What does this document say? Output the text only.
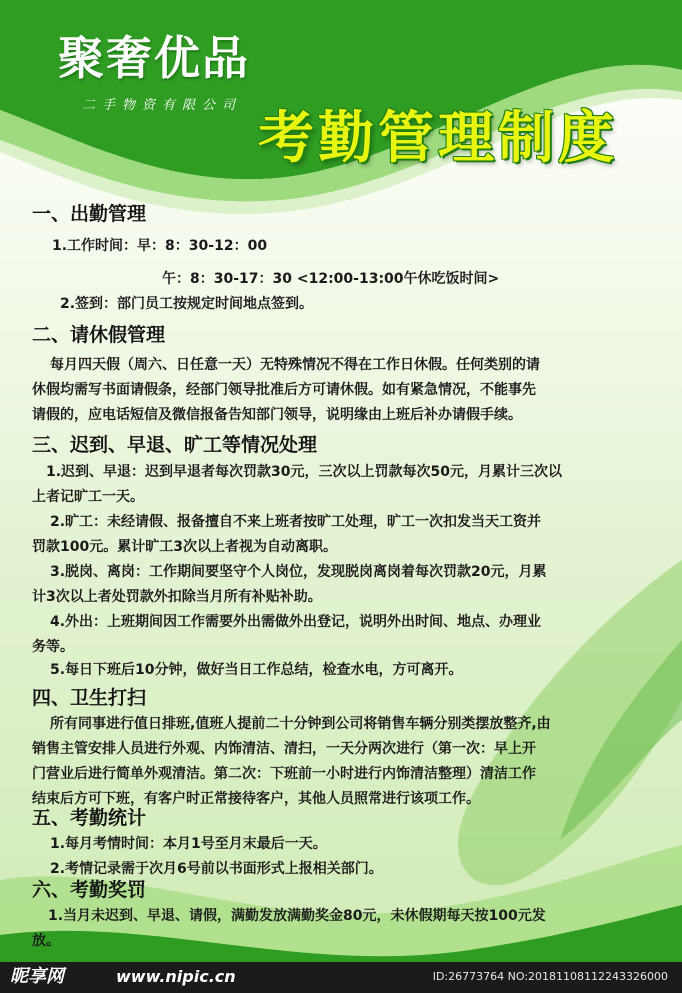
聚奢优品
二手物资有限公司
考勤管理制度
一、出勤管理
1.工作时间：早：8：30-12：00
午：8：30-17：30 <12:00-13:00午休吃饭时间>
2.签到：部门员工按规定时间地点签到。
二、请休假管理
每月四天假（周六、日任意一天）无特殊情况不得在工作日休假。任何类别的请
休假均需写书面请假条，经部门领导批准后方可请休假。如有紧急情况，不能事先
请假的，应电话短信及微信报备告知部门领导，说明缘由上班后补办请假手续。
三、迟到、早退、旷工等情况处理
1.迟到、早退：迟到早退者每次罚款30元，三次以上罚款每次50元，月累计三次以
上者记旷工一天。
2.旷工：未经请假、报备擅自不来上班者按旷工处理，旷工一次扣发当天工资并
罚款100元。累计旷工3次以上者视为自动离职。
3.脱岗、离岗：工作期间要坚守个人岗位，发现脱岗离岗着每次罚款20元，月累
计3次以上者处罚款外扣除当月所有补贴补助。
4.外出：上班期间因工作需要外出需做外出登记，说明外出时间、地点、办理业
务等。
5.每日下班后10分钟，做好当日工作总结，检查水电，方可离开。
四、卫生打扫
所有同事进行值日排班,值班人提前二十分钟到公司将销售车辆分别类摆放整齐,由
销售主管安排人员进行外观、内饰清洁、清扫，一天分两次进行（第一次：早上开
门营业后进行简单外观清洁。第二次：下班前一小时进行内饰清洁整理）清洁工作
结束后方可下班，有客户时正常接待客户，其他人员照常进行该项工作。
五、考勤统计
1.每月考情时间：本月1号至月末最后一天。
2.考情记录需于次月6号前以书面形式上报相关部门。
六、考勤奖罚
1.当月未迟到、早退、请假，满勤发放满勤奖金80元，未休假期每天按100元发
放。
昵享网	www.nipic.cn	ID:26773764 NO:20181108112243326000
